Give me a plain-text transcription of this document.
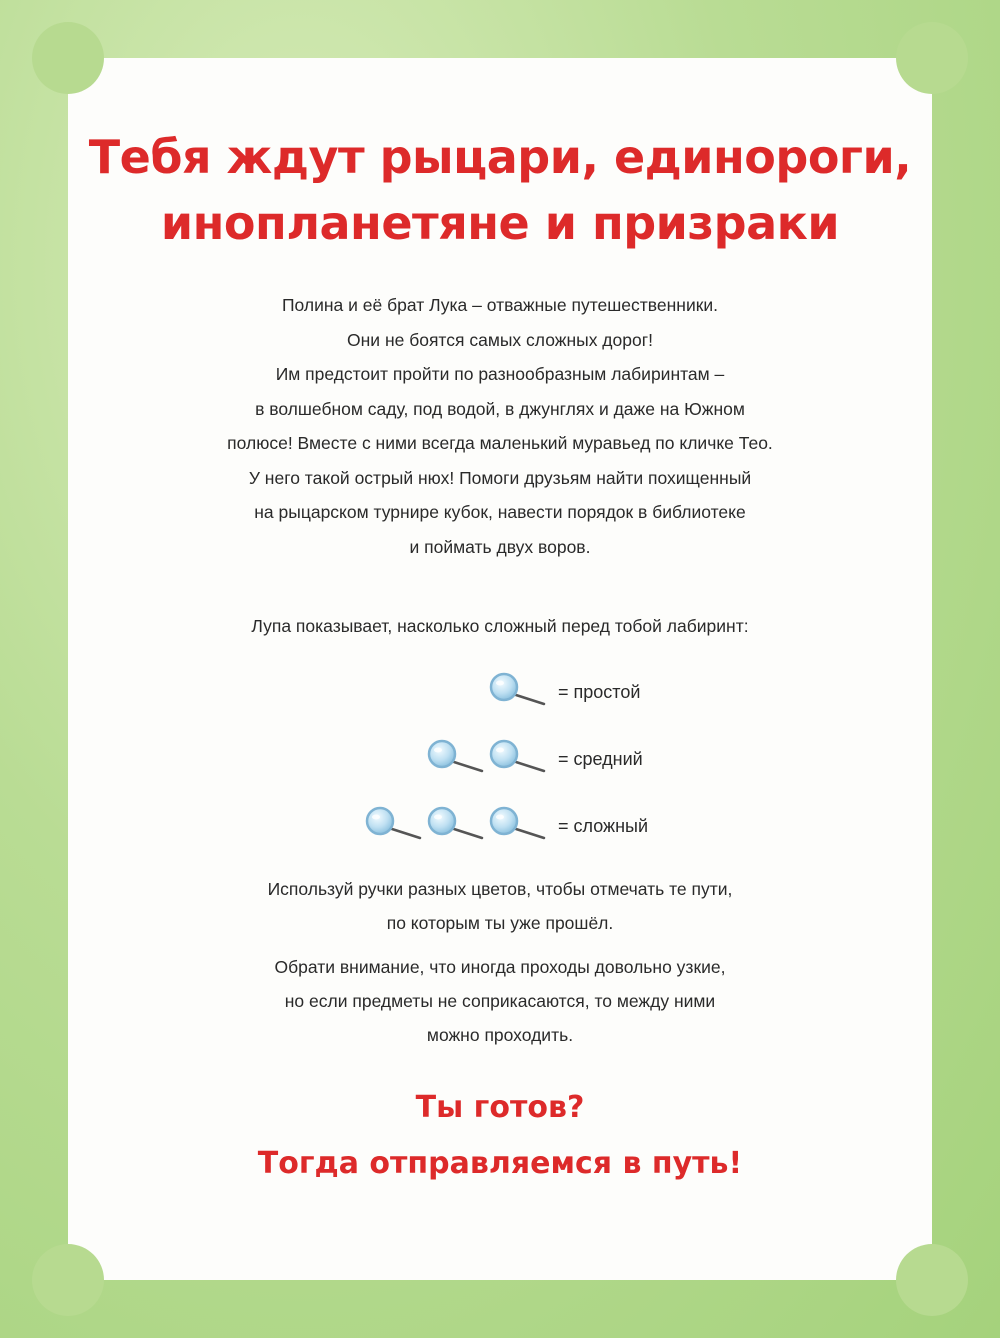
Тебя ждут рыцари, единороги,
инопланетяне и призраки
Полина и её брат Лука – отважные путешественники.
Они не боятся самых сложных дорог!
Им предстоит пройти по разнообразным лабиринтам –
в волшебном саду, под водой, в джунглях и даже на Южном
полюсе! Вместе с ними всегда маленький муравьед по кличке Тео.
У него такой острый нюх! Помоги друзьям найти похищенный
на рыцарском турнире кубок, навести порядок в библиотеке
и поймать двух воров.
Лупа показывает, насколько сложный перед тобой лабиринт:
= простой
= средний
= сложный
Используй ручки разных цветов, чтобы отмечать те пути,
по которым ты уже прошёл.
Обрати внимание, что иногда проходы довольно узкие,
но если предметы не соприкасаются, то между ними
можно проходить.
Ты готов?
Тогда отправляемся в путь!
